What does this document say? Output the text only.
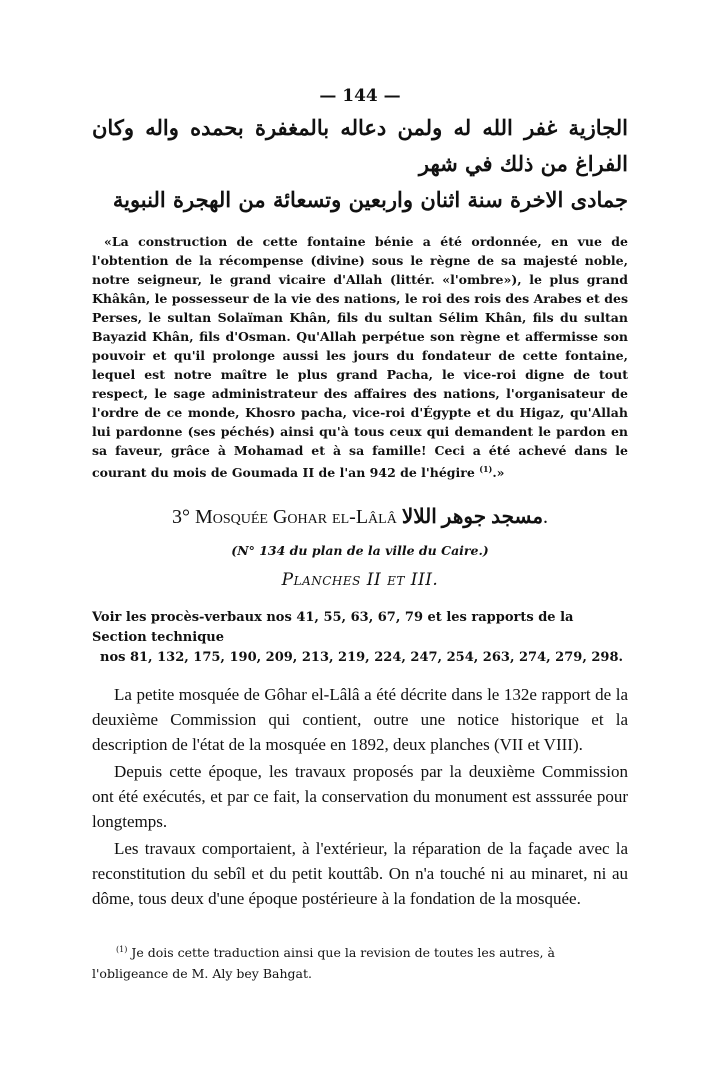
— 144 —
الجازية غفر الله له ولمن دعاله بالمغفرة بحمده واله وكان الفراغ من ذلك في شهر
جمادى الاخرة سنة اثنان واربعين وتسعائة من الهجرة النبوية

«La construction de cette fontaine bénie a été ordonnée, en vue de l'obtention de la récompense (divine) sous le règne de sa majesté noble, notre seigneur, le grand vicaire d'Allah (littér. «l'ombre»), le plus grand Khâkân, le possesseur de la vie des nations, le roi des rois des Arabes et des Perses, le sultan Solaïman Khân, fils du sultan Sélim Khân, fils du sultan Bayazid Khân, fils d'Osman. Qu'Allah perpétue son règne et affermisse son pouvoir et qu'il prolonge aussi les jours du fondateur de cette fontaine, lequel est notre maître le plus grand Pacha, le vice-roi digne de tout respect, le sage administrateur des affaires des nations, l'organisateur de l'ordre de ce monde, Khosro pacha, vice-roi d'Égypte et du Higaz, qu'Allah lui pardonne (ses péchés) ainsi qu'à tous ceux qui demandent le pardon en sa faveur, grâce à Mohamad et à sa famille! Ceci a été achevé dans le courant du mois de Goumada II de l'an 942 de l'hégire $^{(1)}$.»

3° Mosquée Gohar el-Lâlâ مسجد جوهر اللالا.
(N° 134 du plan de la ville du Caire.)
Planches II et III.
Voir les procès-verbaux nos 41, 55, 63, 67, 79 et les rapports de la Section technique
nos 81, 132, 175, 190, 209, 213, 219, 224, 247, 254, 263, 274, 279, 298.

La petite mosquée de Gôhar el-Lâlâ a été décrite dans le 132e rapport de la deuxième Commission qui contient, outre une notice historique et la description de l'état de la mosquée en 1892, deux planches (VII et VIII).

Depuis cette époque, les travaux proposés par la deuxième Commission ont été exécutés, et par ce fait, la conservation du monument est asssurée pour longtemps.

Les travaux comportaient, à l'extérieur, la réparation de la façade avec la reconstitution du sebîl et du petit kouttâb. On n'a touché ni au minaret, ni au dôme, tous deux d'une époque postérieure à la fondation de la mosquée.

$^{(1)}$ Je dois cette traduction ainsi que la revision de toutes les autres, à l'obligeance de M. Aly bey Bahgat.
